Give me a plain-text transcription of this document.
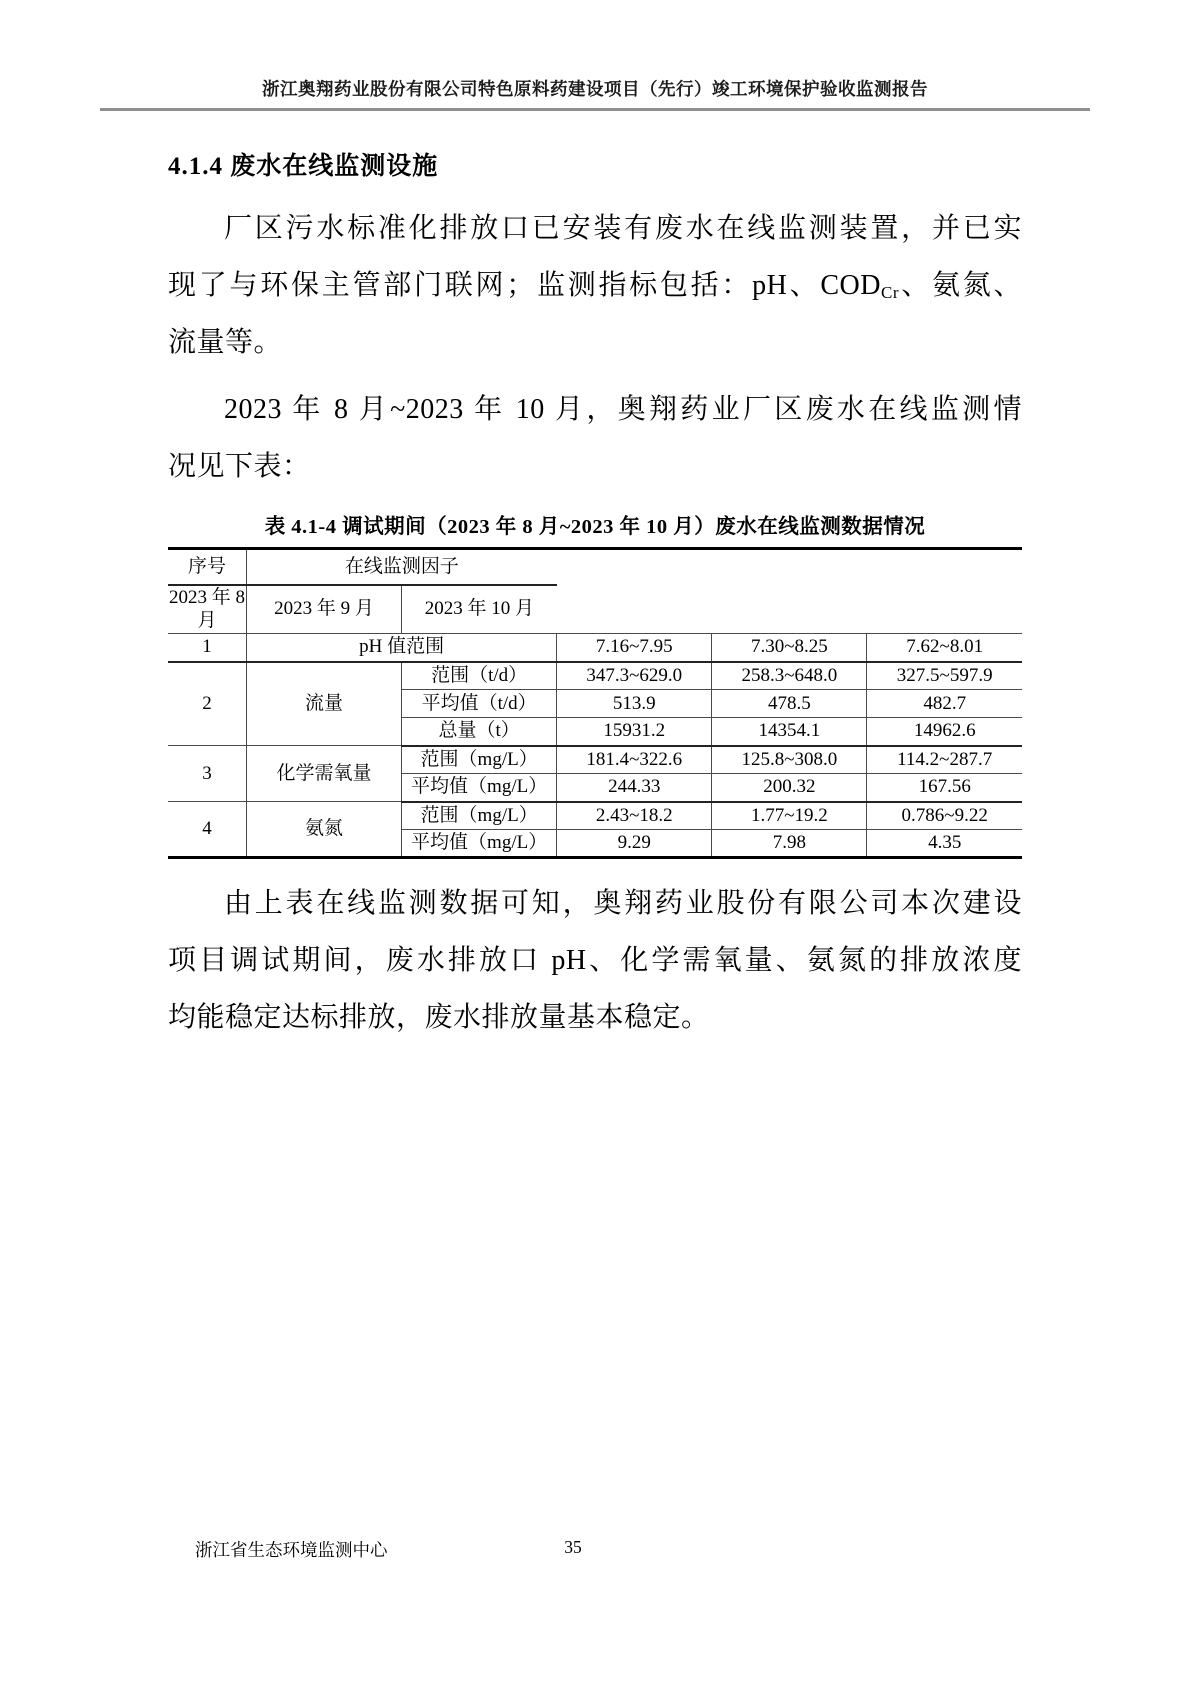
浙江奥翔药业股份有限公司特色原料药建设项目（先行）竣工环境保护验收监测报告
4.1.4 废水在线监测设施
厂区污水标准化排放口已安装有废水在线监测装置，并已实
现了与环保主管部门联网；监测指标包括：pH、$COD_{Cr}$、氨氮、
流量等。
2023 年 8 月~2023 年 10 月，奥翔药业厂区废水在线监测情
况见下表：
表 4.1-4 调试期间（2023 年 8 月~2023 年 10 月）废水在线监测数据情况
序号	在线监测因子				

2023 年 8 月	2023 年 9 月	2023 年 10 月			
1	pH 值范围		7.16~7.95	7.30~8.25	7.62~8.01
2	流量	范围（t/d）	347.3~629.0	258.3~648.0	327.5~597.9
		平均值（t/d）	513.9	478.5	482.7
		总量（t）	15931.2	14354.1	14962.6
3	化学需氧量	范围（mg/L）	181.4~322.6	125.8~308.0	114.2~287.7
		平均值（mg/L）	244.33	200.32	167.56
4	氨氮	范围（mg/L）	2.43~18.2	1.77~19.2	0.786~9.22
		平均值（mg/L）	9.29	7.98	4.35
由上表在线监测数据可知，奥翔药业股份有限公司本次建设
项目调试期间，废水排放口 pH、化学需氧量、氨氮的排放浓度
均能稳定达标排放，废水排放量基本稳定。
35
浙江省生态环境监测中心
